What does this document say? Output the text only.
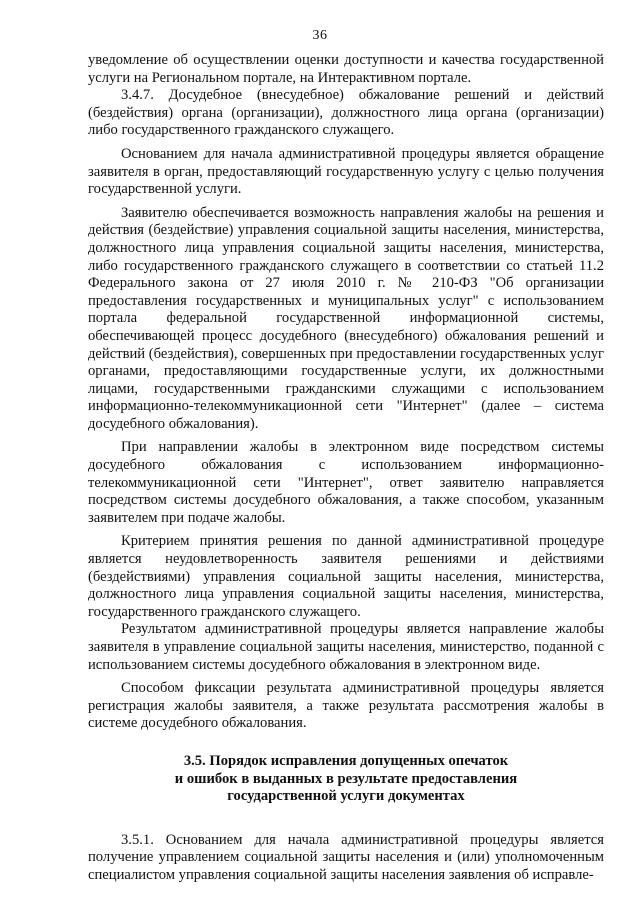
36

уведомление об осуществлении оценки доступности и качества государственной услуги на Региональном портале, на Интерактивном портале.

3.4.7. Досудебное (внесудебное) обжалование решений и действий (бездействия) органа (организации), должностного лица органа (организации) либо государственного гражданского служащего.

Основанием для начала административной процедуры является обращение заявителя в орган, предоставляющий государственную услугу с целью получения государственной услуги.

Заявителю обеспечивается возможность направления жалобы на решения и действия (бездействие) управления социальной защиты населения, министерства, должностного лица управления социальной защиты населения, министерства, либо государственного гражданского служащего в соответствии со статьей 11.2 Федерального закона от 27 июля 2010 г. № 210-ФЗ "Об организации предоставления государственных и муниципальных услуг" с использованием портала федеральной государственной информационной системы, обеспечивающей процесс досудебного (внесудебного) обжалования решений и действий (бездействия), совершенных при предоставлении государственных услуг органами, предоставляющими государственные услуги, их должностными лицами, государственными гражданскими служащими с использованием информационно-телекоммуникационной сети "Интернет" (далее – система досудебного обжалования).

При направлении жалобы в электронном виде посредством системы досудебного обжалования с использованием информационно-телекоммуникационной сети "Интернет", ответ заявителю направляется посредством системы досудебного обжалования, а также способом, указанным заявителем при подаче жалобы.

Критерием принятия решения по данной административной процедуре является неудовлетворенность заявителя решениями и действиями (бездействиями) управления социальной защиты населения, министерства, должностного лица управления социальной защиты населения, министерства, государственного гражданского служащего.

Результатом административной процедуры является направление жалобы заявителя в управление социальной защиты населения, министерство, поданной с использованием системы досудебного обжалования в электронном виде.

Способом фиксации результата административной процедуры является регистрация жалобы заявителя, а также результата рассмотрения жалобы в системе досудебного обжалования.

3.5. Порядок исправления допущенных опечаток
и ошибок в выданных в результате предоставления
государственной услуги документах

3.5.1. Основанием для начала административной процедуры является получение управлением социальной защиты населения и (или) уполномоченным специалистом управления социальной защиты населения заявления об исправле-
